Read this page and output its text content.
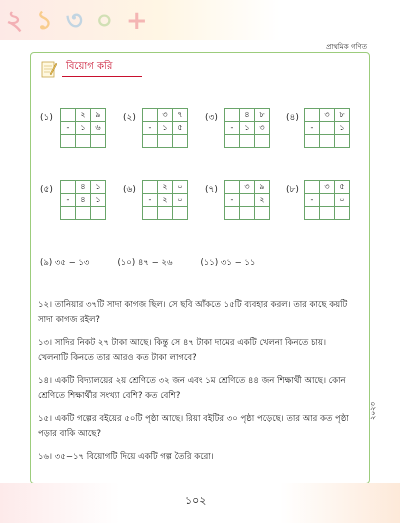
২ ১ ৩ ০ +
প্রাথমিক গণিত
বিয়োগ করি
(১)
		২	৯
-	১	৬

(২)
		৩	৭
-	১	৫

(৩)
		৪	৮
-	১	৩

(৪)
		৩	৮
-		১

(৫)
		৪	১
-	৪	১

(৬)
		২	০
-	২	০

(৭)
		৩	৯
-		২

(৮)
		৩	৫
-		০

(৯) ৩৫ − ১৩	(১০) ৪৭ − ২৬	(১১) ৩১ − ১১
১২। তানিয়ার ৩৭টি সাদা কাগজ ছিল। সে ছবি আঁকতে ১৫টি ব্যবহার করল। তার কাছে কয়টি সাদা কাগজ রইল?
১৩। সাদির নিকট ২৭ টাকা আছে। কিন্তু সে ৪৭ টাকা দামের একটি খেলনা কিনতে চায়। খেলনাটি কিনতে তার আরও কত টাকা লাগবে?
১৪। একটি বিদ্যালয়ের ২য় শ্রেণিতে ৩২ জন এবং ১ম শ্রেণিতে ৪৪ জন শিক্ষার্থী আছে। কোন শ্রেণিতে শিক্ষার্থীর সংখ্যা বেশি? কত বেশি?
১৫। একটি গল্পের বইয়ের ৫০টি পৃষ্ঠা আছে। রিয়া বইটির ৩০ পৃষ্ঠা পড়েছে। তার আর কত পৃষ্ঠা পড়ার বাকি আছে?
১৬। ৩৫−১৭ বিয়োগটি দিয়ে একটি গল্প তৈরি করো।
২০২৩
১০২
